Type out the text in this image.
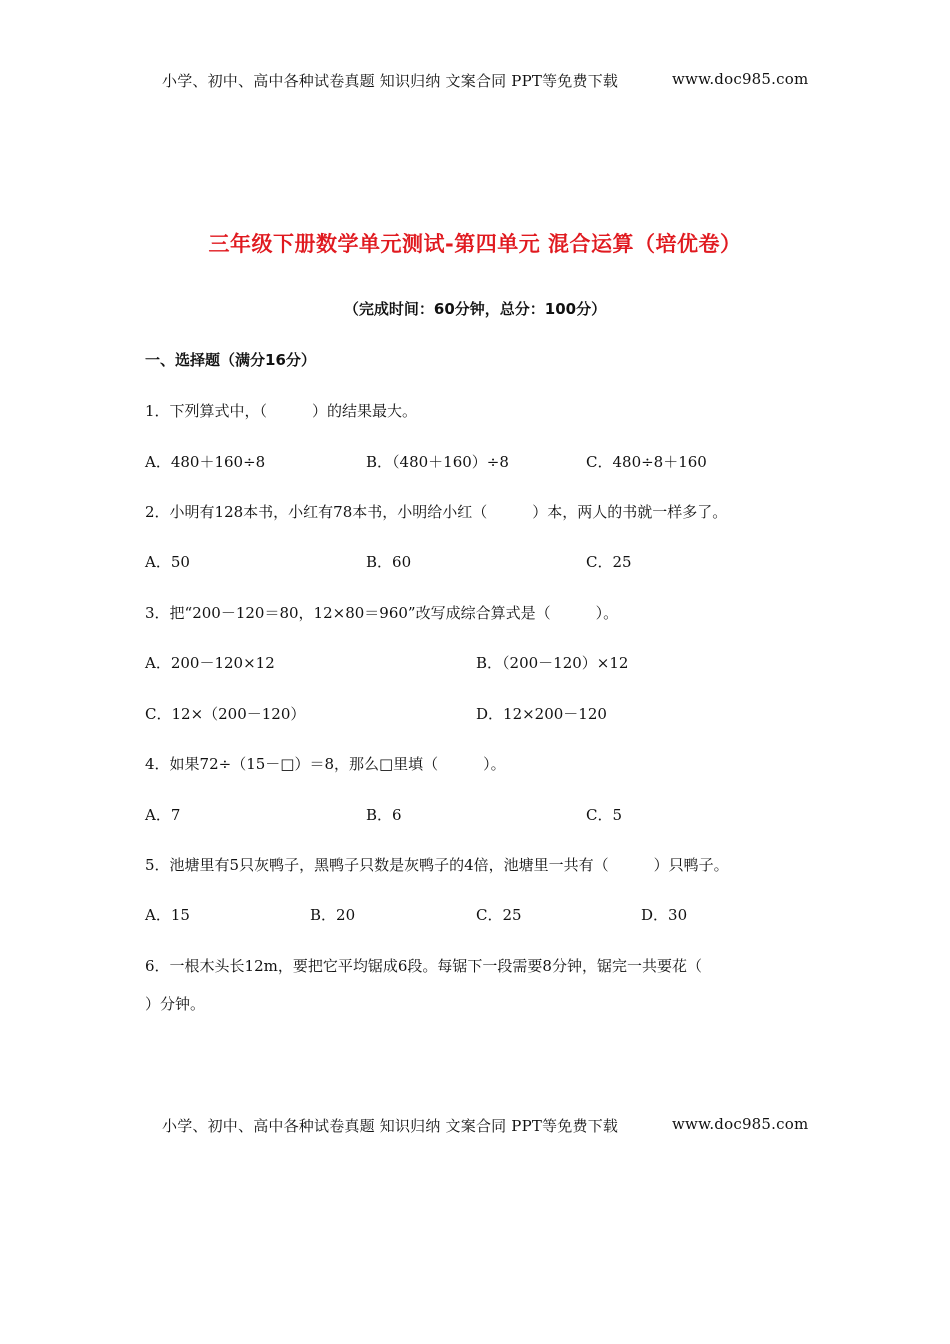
小学、初中、高中各种试卷真题 知识归纳 文案合同 PPT等免费下载	www.doc985.com
三年级下册数学单元测试-第四单元 混合运算（培优卷）
（完成时间：60分钟，总分：100分）
一、选择题（满分16分）
1．下列算式中，（　　　）的结果最大。
A．480＋160÷8	B．（480＋160）÷8	C．480÷8＋160
2．小明有128本书，小红有78本书，小明给小红（　　　）本，两人的书就一样多了。
A．50	B．60	C．25
3．把“200－120＝80，12×80＝960”改写成综合算式是（　　　）。
A．200－120×12	B．（200－120）×12
C．12×（200－120）	D．12×200－120
4．如果72÷（15－□）＝8，那么□里填（　　　）。
A．7	B．6	C．5
5．池塘里有5只灰鸭子，黑鸭子只数是灰鸭子的4倍，池塘里一共有（　　　）只鸭子。
A．15	B．20	C．25	D．30
6．一根木头长12m，要把它平均锯成6段。每锯下一段需要8分钟，锯完一共要花（
）分钟。
小学、初中、高中各种试卷真题 知识归纳 文案合同 PPT等免费下载	www.doc985.com
